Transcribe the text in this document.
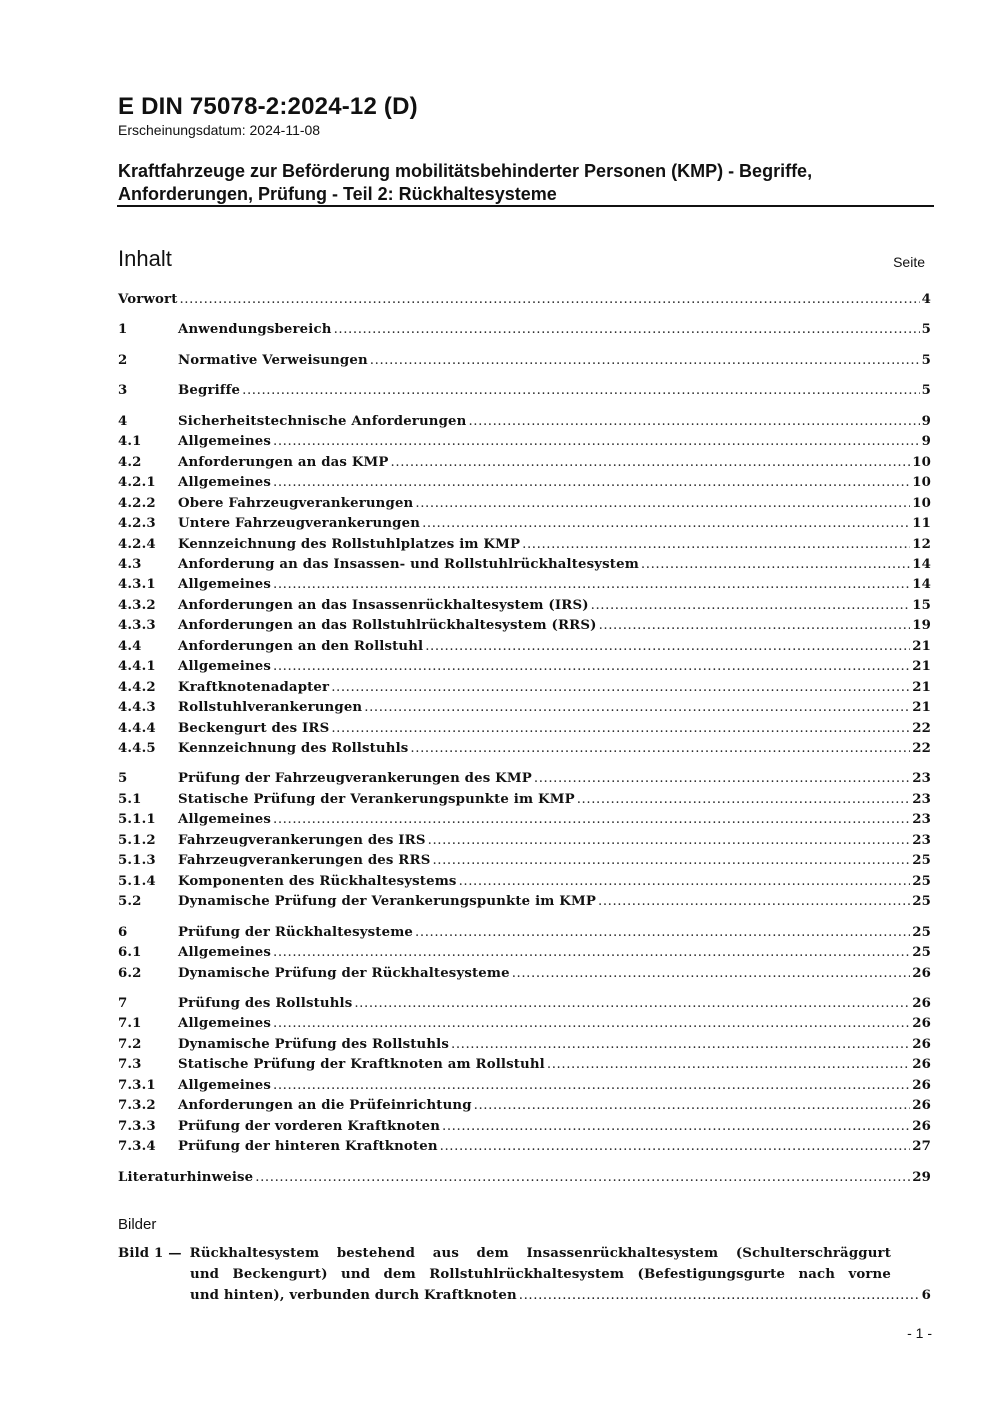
E DIN 75078-2:2024-12 (D)
Erscheinungsdatum: 2024-11-08
Kraftfahrzeuge zur Beförderung mobilitätsbehinderter Personen (KMP) - Begriffe,
Anforderungen, Prüfung - Teil 2: Rückhaltesysteme
Inhalt	Seite
Vorwort .....	4
1	Anwendungsbereich .....	5
2	Normative Verweisungen .....	5
3	Begriffe .....	5
4	Sicherheitstechnische Anforderungen .....	9
4.1	Allgemeines .....	9
4.2	Anforderungen an das KMP .....	10
4.2.1	Allgemeines .....	10
4.2.2	Obere Fahrzeugverankerungen .....	10
4.2.3	Untere Fahrzeugverankerungen .....	11
4.2.4	Kennzeichnung des Rollstuhlplatzes im KMP .....	12
4.3	Anforderung an das Insassen- und Rollstuhlrückhaltesystem .....	14
4.3.1	Allgemeines .....	14
4.3.2	Anforderungen an das Insassenrückhaltesystem (IRS) .....	15
4.3.3	Anforderungen an das Rollstuhlrückhaltesystem (RRS) .....	19
4.4	Anforderungen an den Rollstuhl .....	21
4.4.1	Allgemeines .....	21
4.4.2	Kraftknotenadapter .....	21
4.4.3	Rollstuhlverankerungen .....	21
4.4.4	Beckengurt des IRS .....	22
4.4.5	Kennzeichnung des Rollstuhls .....	22
5	Prüfung der Fahrzeugverankerungen des KMP .....	23
5.1	Statische Prüfung der Verankerungspunkte im KMP .....	23
5.1.1	Allgemeines .....	23
5.1.2	Fahrzeugverankerungen des IRS .....	23
5.1.3	Fahrzeugverankerungen des RRS .....	25
5.1.4	Komponenten des Rückhaltesystems .....	25
5.2	Dynamische Prüfung der Verankerungspunkte im KMP .....	25
6	Prüfung der Rückhaltesysteme .....	25
6.1	Allgemeines .....	25
6.2	Dynamische Prüfung der Rückhaltesysteme .....	26
7	Prüfung des Rollstuhls .....	26
7.1	Allgemeines .....	26
7.2	Dynamische Prüfung des Rollstuhls .....	26
7.3	Statische Prüfung der Kraftknoten am Rollstuhl .....	26
7.3.1	Allgemeines .....	26
7.3.2	Anforderungen an die Prüfeinrichtung .....	26
7.3.3	Prüfung der vorderen Kraftknoten .....	26
7.3.4	Prüfung der hinteren Kraftknoten .....	27
Literaturhinweise .....	29
Bilder
Bild 1 — Rückhaltesystem bestehend aus dem Insassenrückhaltesystem (Schulterschräggurt
und Beckengurt) und dem Rollstuhlrückhaltesystem (Befestigungsgurte nach vorne
und hinten), verbunden durch Kraftknoten .....	6
- 1 -
